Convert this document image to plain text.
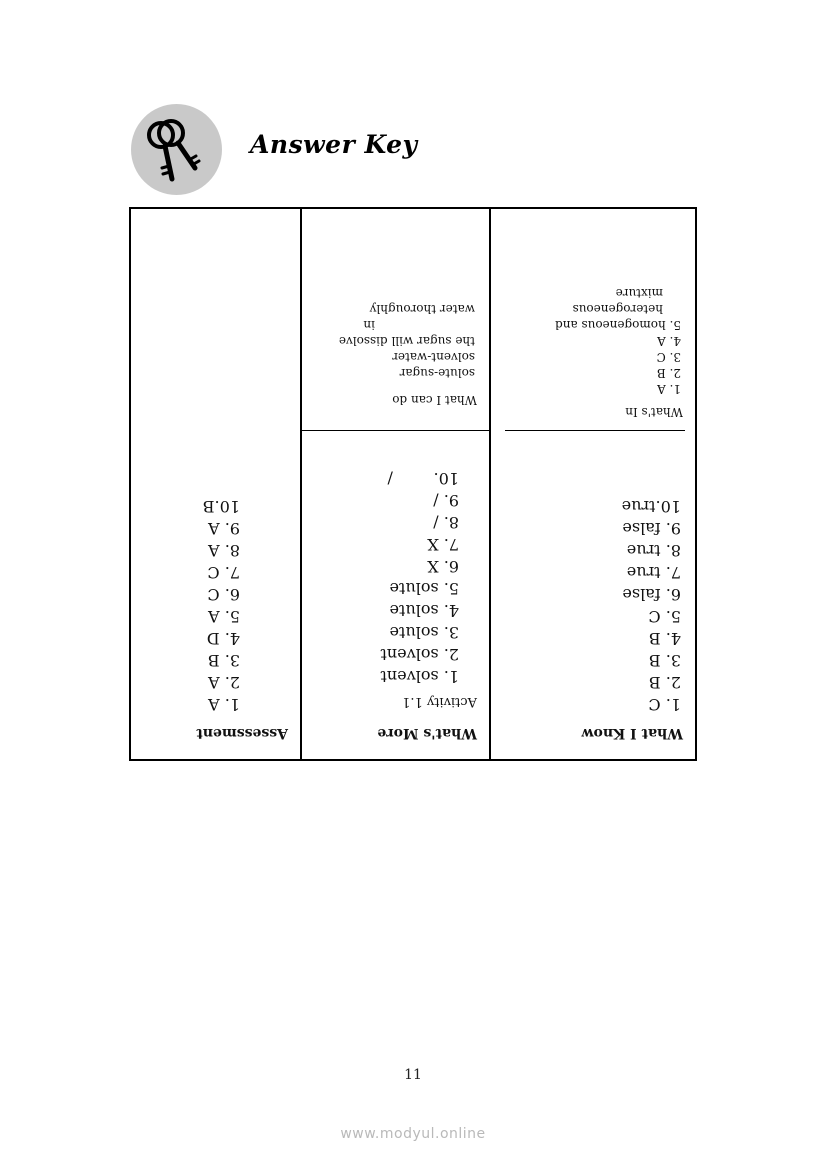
Answer Key
What I Know
1. C
2. B
3. B
4. B
5. C
6. false
7. true
8. true
9. false
10.true
What's In
1. A
2. B
3. C
4. A
5. homogeneous and
heterogeneous
mixture
What's More
Activity 1.1
1. solvent
2. solvent
3. solute
4. solute
5. solute
6. X
7. X
8. /
9. /
10.        /
What I can do
solute-sugar
solvent-water
the sugar will dissolve
in
water thoroughly
Assessment
1. A
2. A
3. B
4. D
5. A
6. C
7. C
8. A
9. A
10.B
11
www.modyul.online
